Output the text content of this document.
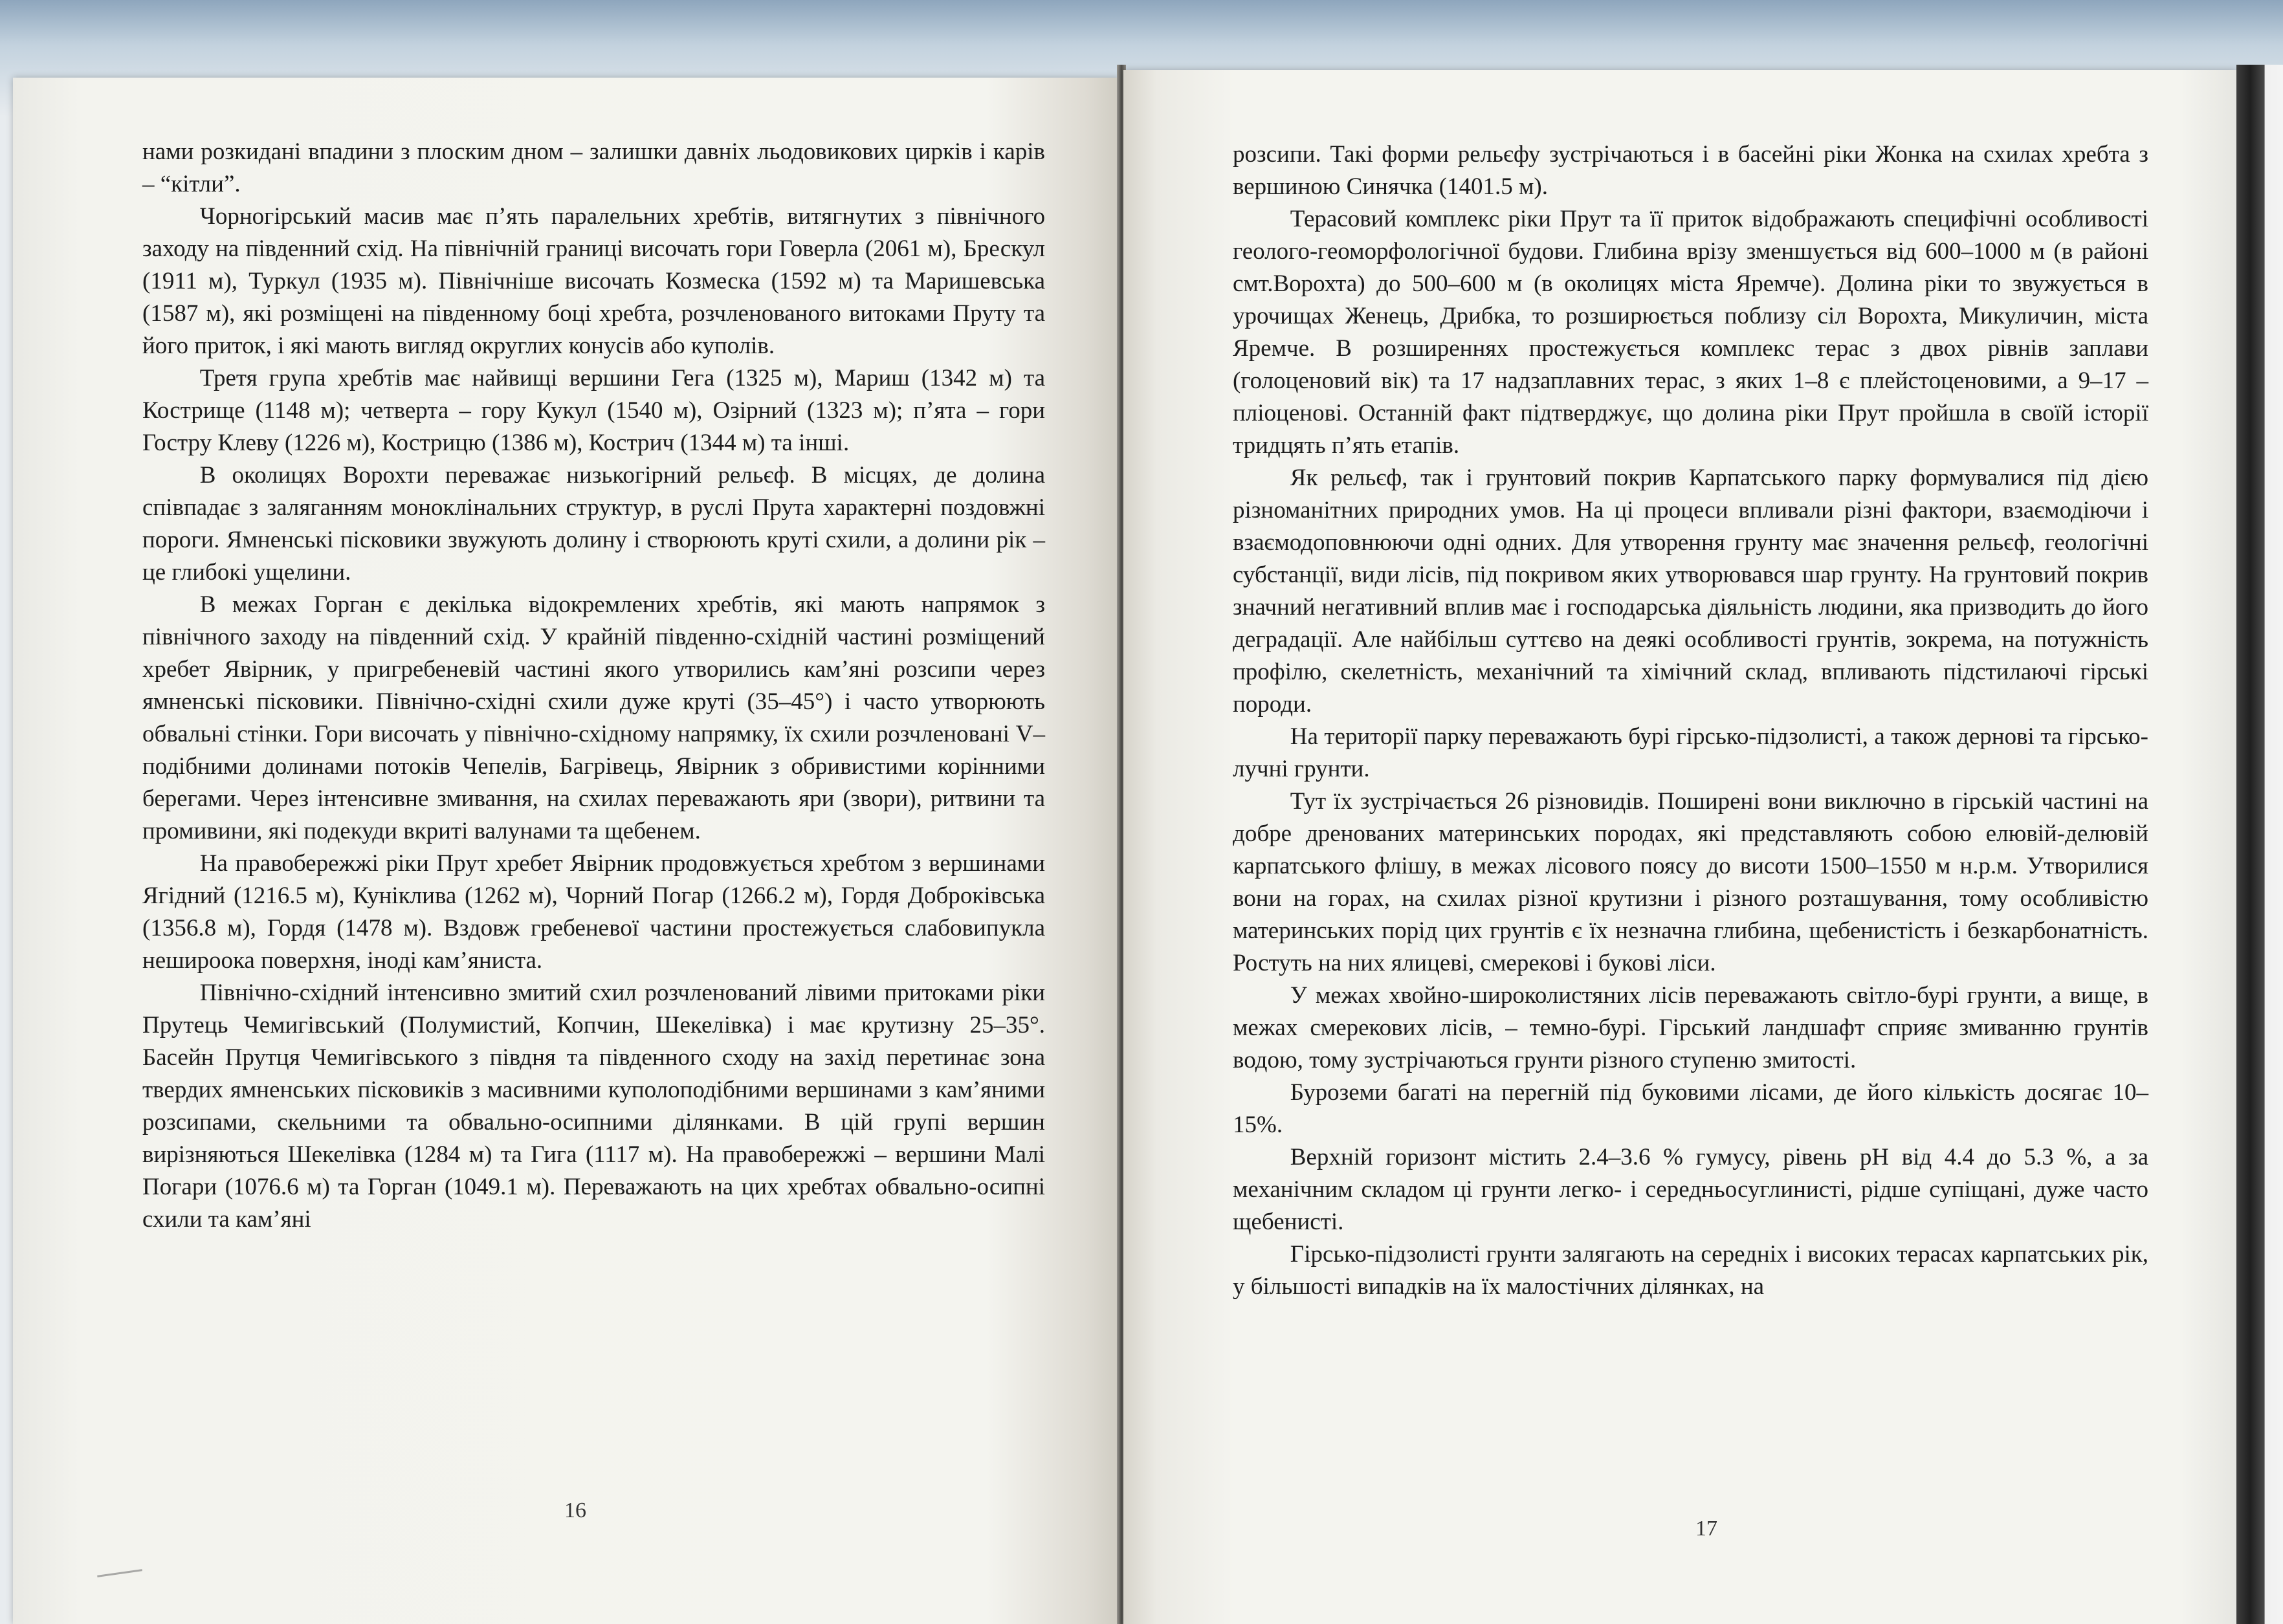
нами розкидані впадини з плоским дном – залишки давніх льодовикових цирків і карів – “кітли”.

Чорногірський масив має п’ять паралельних хребтів, витягнутих з північного заходу на південний схід. На північній границі височать гори Говерла (2061 м), Брескул (1911 м), Туркул (1935 м). Північніше височать Козмеска (1592 м) та Маришевська (1587 м), які розміщені на південному боці хребта, розчленованого витоками Пруту та його приток, і які мають вигляд округлих конусів або куполів.

Третя група хребтів має найвищі вершини Гега (1325 м), Мариш (1342 м) та Кострище (1148 м); четверта – гору Кукул (1540 м), Озірний (1323 м); п’ята – гори Гостру Клеву (1226 м), Кострицю (1386 м), Кострич (1344 м) та інші.

В околицях Ворохти переважає низькогірний рельєф. В місцях, де долина співпадає з заляганням моноклінальних структур, в руслі Прута характерні поздовжні пороги. Ямненські пісковики звужують долину і створюють круті схили, а долини рік – це глибокі ущелини.

В межах Горган є декілька відокремлених хребтів, які мають напрямок з північного заходу на південний схід. У крайній південно-східній частині розміщений хребет Явірник, у пригребеневій частині якого утворились кам’яні розсипи через ямненські пісковики. Північно-східні схили дуже круті (35–45°) і часто утворюють обвальні стінки. Гори височать у північно-східному напрямку, їх схили розчленовані V–подібними долинами потоків Чепелів, Багрівець, Явірник з обривистими корінними берегами. Через інтенсивне змивання, на схилах переважають яри (звори), ритвини та промивини, які подекуди вкриті валунами та щебенем.

На правобережжі ріки Прут хребет Явірник продовжується хребтом з вершинами Ягідний (1216.5 м), Куніклива (1262 м), Чорний Погар (1266.2 м), Гордя Доброківська (1356.8 м), Гордя (1478 м). Вздовж гребеневої частини простежується слабовипукла нешироока поверхня, іноді кам’яниста.

Північно-східний інтенсивно змитий схил розчленований лівими притоками ріки Прутець Чемигівський (Полумистий, Копчин, Шекелівка) і має крутизну 25–35°. Басейн Прутця Чемигівського з півдня та південного сходу на захід перетинає зона твердих ямненських пісковиків з масивними куполоподібними вершинами з кам’яними розсипами, скельними та обвально-осипними ділянками. В цій групі вершин вирізняються Шекелівка (1284 м) та Гига (1117 м). На правобережжі – вершини Малі Погари (1076.6 м) та Горган (1049.1 м). Переважають на цих хребтах обвально-осипні схили та кам’яні

16

розсипи. Такі форми рельєфу зустрічаються і в басейні ріки Жонка на схилах хребта з вершиною Синячка (1401.5 м).

Терасовий комплекс ріки Прут та її приток відображають специфічні особливості геолого-геоморфологічної будови. Глибина врізу зменшується від 600–1000 м (в районі смт.Ворохта) до 500–600 м (в околицях міста Яремче). Долина ріки то звужується в урочищах Женець, Дрибка, то розширюється поблизу сіл Ворохта, Микуличин, міста Яремче. В розширеннях простежується комплекс терас з двох рівнів заплави (голоценовий вік) та 17 надзаплавних терас, з яких 1–8 є плейстоценовими, а 9–17 – пліоценові. Останній факт підтверджує, що долина ріки Прут пройшла в своїй історії тридцять п’ять етапів.

Як рельєф, так і грунтовий покрив Карпатського парку формувалися під дією різноманітних природних умов. На ці процеси впливали різні фактори, взаємодіючи і взаємодоповнюючи одні одних. Для утворення грунту має значення рельєф, геологічні субстанції, види лісів, під покривом яких утворювався шар грунту. На грунтовий покрив значний негативний вплив має і господарська діяльність людини, яка призводить до його деградації. Але найбільш суттєво на деякі особливості грунтів, зокрема, на потужність профілю, скелетність, механічний та хімічний склад, впливають підстилаючі гірські породи.

На території парку переважають бурі гірсько-підзолисті, а також дернові та гірсько-лучні грунти.

Тут їх зустрічається 26 різновидів. Поширені вони виключно в гірській частині на добре дренованих материнських породах, які представляють собою елювій-делювій карпатського флішу, в межах лісового поясу до висоти 1500–1550 м н.р.м. Утворилися вони на горах, на схилах різної крутизни і різного розташування, тому особливістю материнських порід цих грунтів є їх незначна глибина, щебенистість і безкарбонатність. Ростуть на них ялицеві, смерекові і букові ліси.

У межах хвойно-широколистяних лісів переважають світло-бурі грунти, а вище, в межах смерекових лісів, – темно-бурі. Гірський ландшафт сприяє змиванню грунтів водою, тому зустрічаються грунти різного ступеню змитості.

Буроземи багаті на перегній під буковими лісами, де його кількість досягає 10–15%.

Верхній горизонт містить 2.4–3.6 % гумусу, рівень pH від 4.4 до 5.3 %, а за механічним складом ці грунти легко- і середньосуглинисті, рідше супіщані, дуже часто щебенисті.

Гірсько-підзолисті грунти залягають на середніх і високих терасах карпатських рік, у більшості випадків на їх малостічних ділянках, на

17
